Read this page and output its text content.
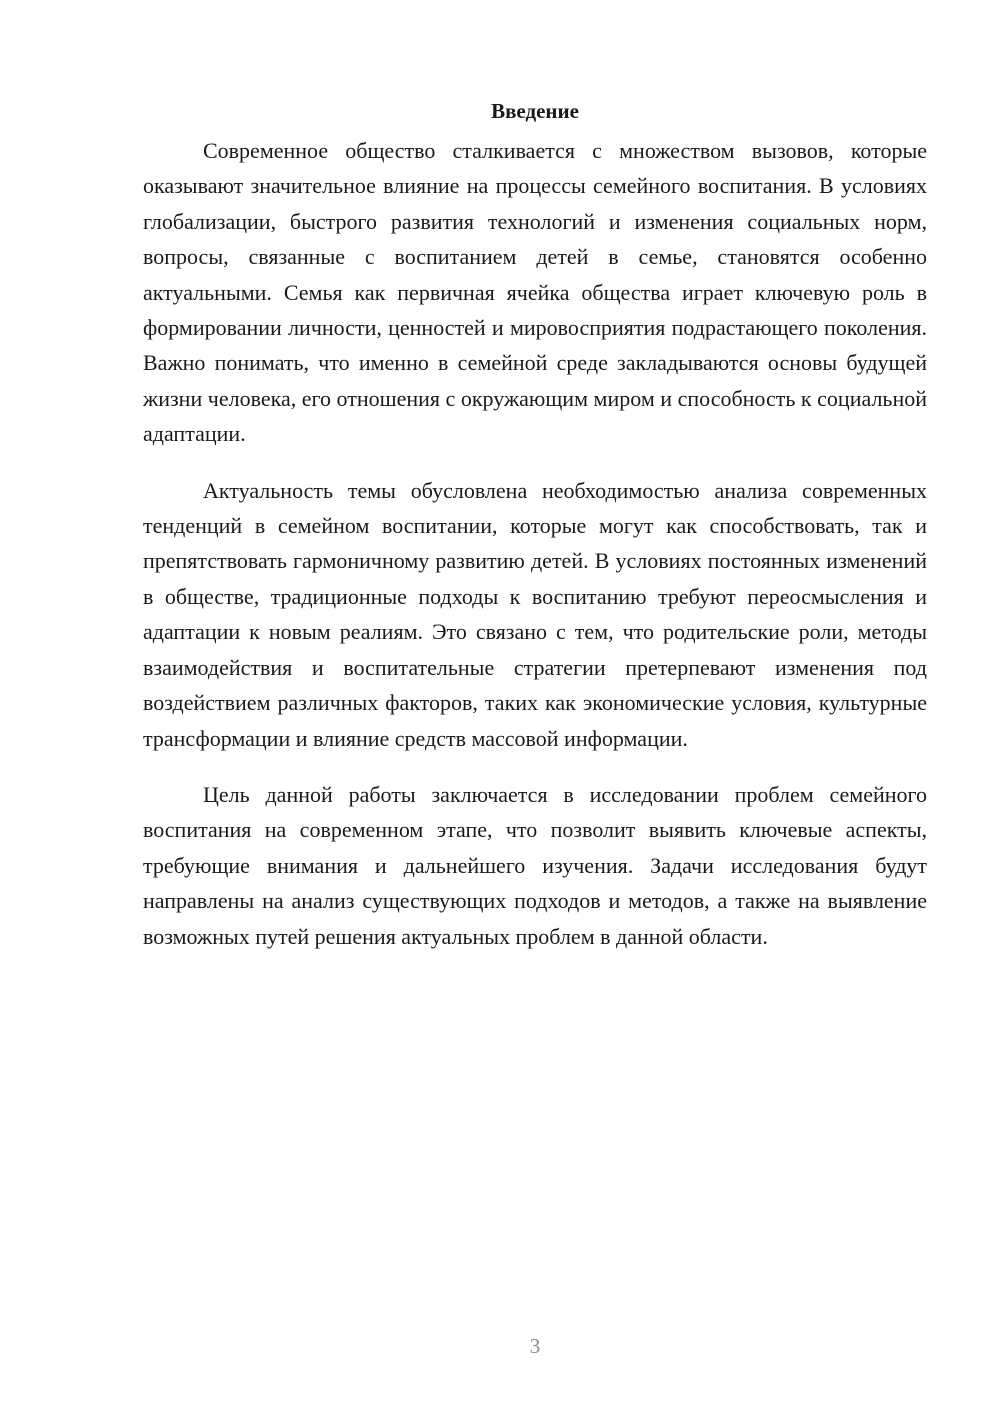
Введение

Современное общество сталкивается с множеством вызовов, которые оказывают значительное влияние на процессы семейного воспитания. В условиях глобализации, быстрого развития технологий и изменения социальных норм, вопросы, связанные с воспитанием детей в семье, становятся особенно актуальными. Семья как первичная ячейка общества играет ключевую роль в формировании личности, ценностей и мировосприятия подрастающего поколения. Важно понимать, что именно в семейной среде закладываются основы будущей жизни человека, его отношения с окружающим миром и способность к социальной адаптации.

Актуальность темы обусловлена необходимостью анализа современных тенденций в семейном воспитании, которые могут как способствовать, так и препятствовать гармоничному развитию детей. В условиях постоянных изменений в обществе, традиционные подходы к воспитанию требуют переосмысления и адаптации к новым реалиям. Это связано с тем, что родительские роли, методы взаимодействия и воспитательные стратегии претерпевают изменения под воздействием различных факторов, таких как экономические условия, культурные трансформации и влияние средств массовой информации.

Цель данной работы заключается в исследовании проблем семейного воспитания на современном этапе, что позволит выявить ключевые аспекты, требующие внимания и дальнейшего изучения. Задачи исследования будут направлены на анализ существующих подходов и методов, а также на выявление возможных путей решения актуальных проблем в данной области.

3
